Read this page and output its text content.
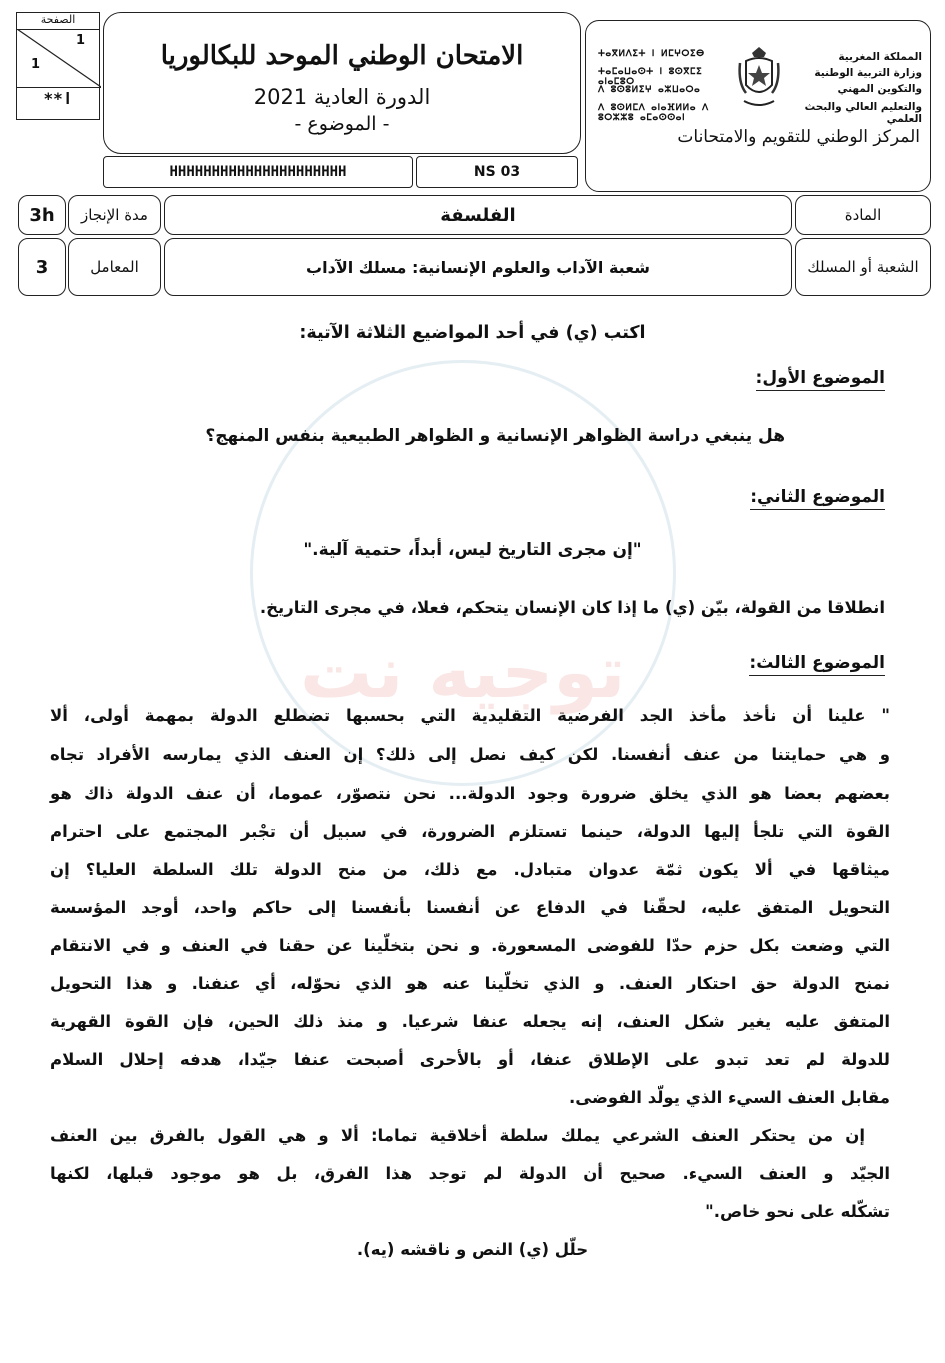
الصفحة
1
1
**ا
الامتحان الوطني الموحد للبكالوريا
الدورة العادية 2021
- الموضوع -
HHHHHHHHHHHHHHHHHHHHH	NS 03
ⵜⴰⴳⵍⴷⵉⵜ ⵏ ⵍⵎⵖⵔⵉⴱ
ⵜⴰⵎⴰⵡⴰⵙⵜ ⵏ ⵓⵙⴳⵎⵉ ⴰⵏⴰⵎⵓⵔ
ⴷ ⵓⵙⵓⵍⵉⵖ ⴰⵣⵡⴰⵔⴰ
ⴷ ⵓⵙⵍⵎⴷ ⴰⵏⴰⴼⵍⵍⴰ ⴷ ⵓⵔⵣⵣⵓ ⴰⵎⴰⵙⵙⴰⵏ
المملكة المغربية
وزارة التربية الوطنية
والتكوين المهني
والتعليم العالي والبحث العلمي
المركز الوطني للتقويم والامتحانات
3h	مدة الإنجاز	الفلسفة	المادة
3	المعامل	شعبة الآداب والعلوم الإنسانية: مسلك الآداب	الشعبة أو المسلك
توجيه نت
اكتب (ي) في أحد المواضيع الثلاثة الآتية:
الموضوع الأول:
هل ينبغي دراسة الظواهر الإنسانية و الظواهر الطبيعية بنفس المنهج؟
الموضوع الثاني:
"إن مجرى التاريخ ليس، أبداً، حتمية آلية."
انطلاقا من القولة، بيّن (ي) ما إذا كان الإنسان يتحكم، فعلا، في مجرى التاريخ.
الموضوع الثالث:
" علينا أن نأخذ مأخذ الجد الفرضية التقليدية التي بحسبها تضطلع الدولة بمهمة أولى، ألا
و هي حمايتنا من عنف أنفسنا. لكن كيف نصل إلى ذلك؟ إن العنف الذي يمارسه الأفراد تجاه
بعضهم بعضا هو الذي يخلق ضرورة وجود الدولة... نحن نتصوّر، عموما، أن عنف الدولة ذاك هو
القوة التي تلجأ إليها الدولة، حينما تستلزم الضرورة، في سبيل أن تجْبر المجتمع على احترام
ميثاقها في ألا يكون ثمّة عدوان متبادل. مع ذلك، من منح الدولة تلك السلطة العليا؟ إن
التحويل المتفق عليه، لحقّنا في الدفاع عن أنفسنا بأنفسنا إلى حاكم واحد، أوجد المؤسسة
التي وضعت بكل حزم حدّا للفوضى المسعورة. و نحن بتخلّينا عن حقنا في العنف و في الانتقام
نمنح الدولة حق احتكار العنف. و الذي تخلّينا عنه هو الذي نحوّله، أي عنفنا. و هذا التحويل
المتفق عليه يغير شكل العنف، إنه يجعله عنفا شرعيا. و منذ ذلك الحين، فإن القوة القهرية
للدولة لم تعد تبدو على الإطلاق عنفا، أو بالأحرى أصبحت عنفا جيّدا، هدفه إحلال السلام
مقابل العنف السيء الذي يولّد الفوضى.
إن من يحتكر العنف الشرعي يملك سلطة أخلاقية تماما: ألا و هي القول بالفرق بين العنف
الجيّد و العنف السيء. صحيح أن الدولة لم توجد هذا الفرق، بل هو موجود قبلها، لكنها
تشكّله على نحو خاص."
حلّل (ي) النص و ناقشه (يه).
